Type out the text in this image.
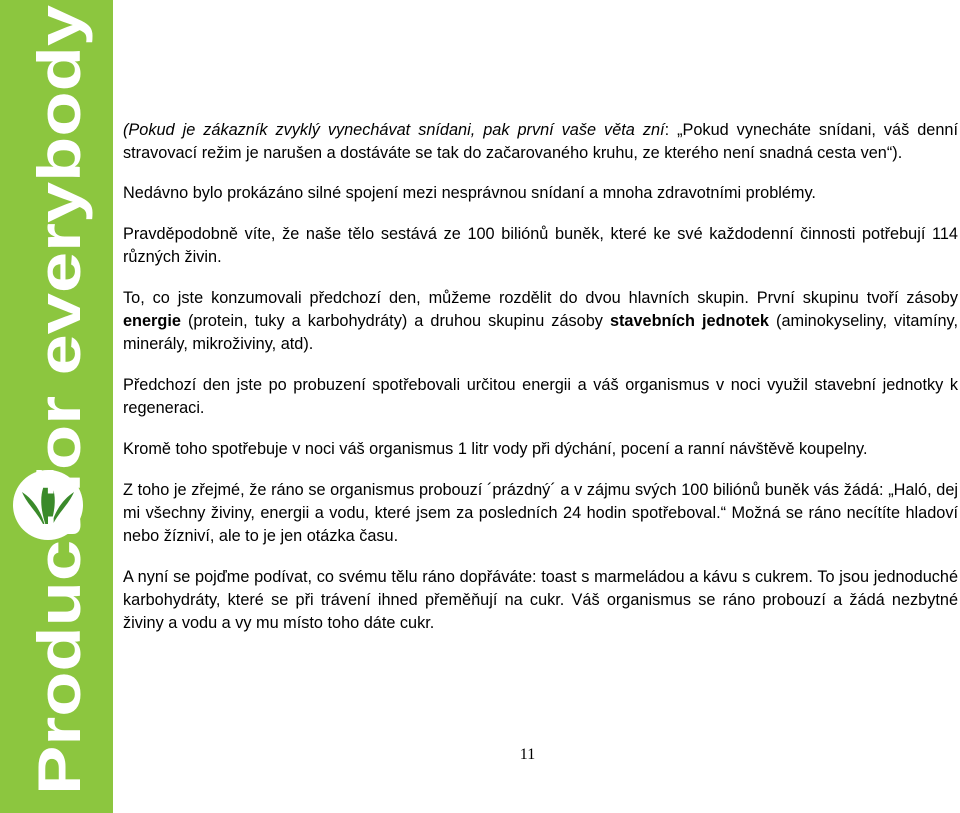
Product for everybody

(Pokud je zákazník zvyklý vynechávat snídani, pak první vaše věta zní: „Pokud vynecháte snídani, váš denní stravovací režim je narušen a dostáváte se tak do začarovaného kruhu, ze kterého není snadná cesta ven“).

Nedávno bylo prokázáno silné spojení mezi nesprávnou snídaní a mnoha zdravotními problémy.

Pravděpodobně víte, že naše tělo sestává ze 100 biliónů buněk, které ke své každodenní činnosti potřebují 114 různých živin.

To, co jste konzumovali předchozí den, můžeme rozdělit do dvou hlavních skupin. První skupinu tvoří zásoby energie (protein, tuky a karbohydráty) a druhou skupinu zásoby stavebních jednotek (aminokyseliny, vitamíny, minerály, mikroživiny, atd).

Předchozí den jste po probuzení spotřebovali určitou energii a váš organismus v noci využil stavební jednotky k regeneraci.

Kromě toho spotřebuje v noci váš organismus 1 litr vody při dýchání, pocení a ranní návštěvě koupelny.

Z toho je zřejmé, že ráno se organismus probouzí ´prázdný´ a v zájmu svých 100 biliónů buněk vás žádá: „Haló, dej mi všechny živiny, energii a vodu, které jsem za posledních 24 hodin spotřeboval.“ Možná se ráno necítíte hladoví nebo žízniví, ale to je jen otázka času.

A nyní se pojďme podívat, co svému tělu ráno dopřáváte: toast s marmeládou a kávu s cukrem. To jsou jednoduché karbohydráty, které se při trávení ihned přeměňují na cukr. Váš organismus se ráno probouzí a žádá nezbytné živiny a vodu a vy mu místo toho dáte cukr.

11
